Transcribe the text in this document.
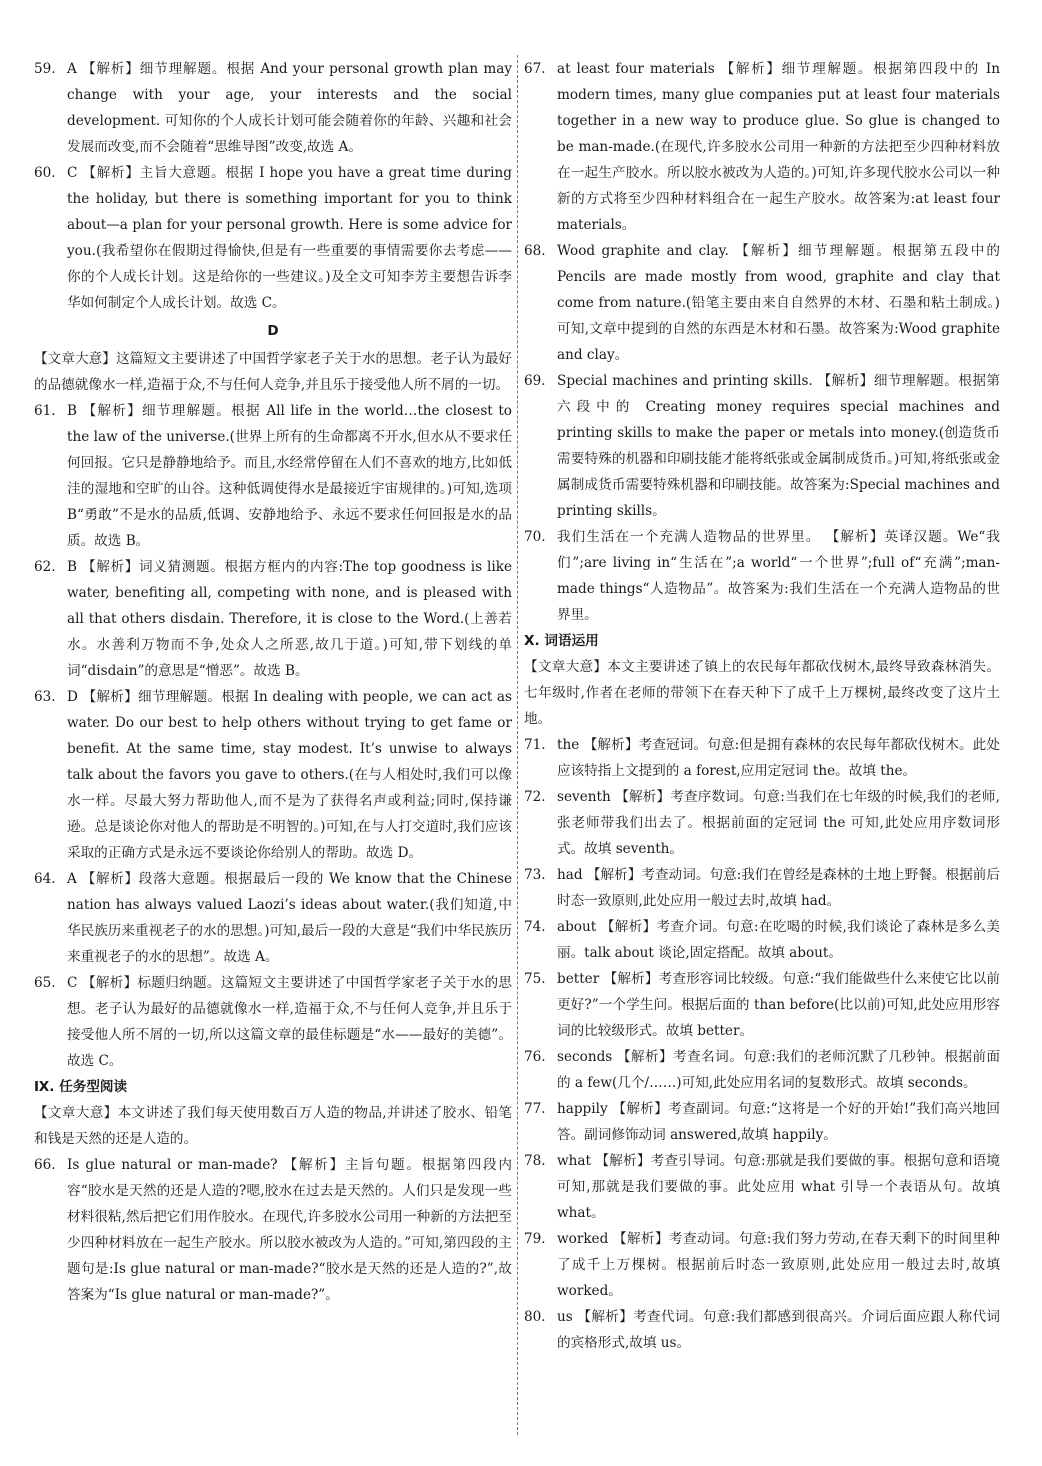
59. A 【解析】细节理解题。根据 And your personal growth plan may change with your age, your interests and the social development. 可知你的个人成长计划可能会随着你的年龄、兴趣和社会发展而改变,而不会随着“思维导图”改变,故选 A。
60. C 【解析】主旨大意题。根据 I hope you have a great time during the holiday, but there is something important for you to think about—a plan for your personal growth. Here is some advice for you.(我希望你在假期过得愉快,但是有一些重要的事情需要你去考虑——你的个人成长计划。这是给你的一些建议。)及全文可知李芳主要想告诉李华如何制定个人成长计划。故选 C。
D

【文章大意】这篇短文主要讲述了中国哲学家老子关于水的思想。老子认为最好的品德就像水一样,造福于众,不与任何人竞争,并且乐于接受他人所不屑的一切。

61. B 【解析】细节理解题。根据 All life in the world…the closest to the law of the universe.(世界上所有的生命都离不开水,但水从不要求任何回报。它只是静静地给予。而且,水经常停留在人们不喜欢的地方,比如低洼的湿地和空旷的山谷。这种低调使得水是最接近宇宙规律的。)可知,选项 B“勇敢”不是水的品质,低调、安静地给予、永远不要求任何回报是水的品质。故选 B。
62. B 【解析】词义猜测题。根据方框内的内容:The top goodness is like water, benefiting all, competing with none, and is pleased with all that others disdain. Therefore, it is close to the Word.(上善若水。水善利万物而不争,处众人之所恶,故几于道。)可知,带下划线的单词“disdain”的意思是“憎恶”。故选 B。
63. D 【解析】细节理解题。根据 In dealing with people, we can act as water. Do our best to help others without trying to get fame or benefit. At the same time, stay modest. It’s unwise to always talk about the favors you gave to others.(在与人相处时,我们可以像水一样。尽最大努力帮助他人,而不是为了获得名声或利益;同时,保持谦逊。总是谈论你对他人的帮助是不明智的。)可知,在与人打交道时,我们应该采取的正确方式是永远不要谈论你给别人的帮助。故选 D。
64. A 【解析】段落大意题。根据最后一段的 We know that the Chinese nation has always valued Laozi’s ideas about water.(我们知道,中华民族历来重视老子的水的思想。)可知,最后一段的大意是“我们中华民族历来重视老子的水的思想”。故选 A。
65. C 【解析】标题归纳题。这篇短文主要讲述了中国哲学家老子关于水的思想。老子认为最好的品德就像水一样,造福于众,不与任何人竞争,并且乐于接受他人所不屑的一切,所以这篇文章的最佳标题是“水——最好的美德”。故选 C。
Ⅸ. 任务型阅读

【文章大意】本文讲述了我们每天使用数百万人造的物品,并讲述了胶水、铅笔和钱是天然的还是人造的。

66. Is glue natural or man-made? 【解析】主旨句题。根据第四段内容“胶水是天然的还是人造的?嗯,胶水在过去是天然的。人们只是发现一些材料很粘,然后把它们用作胶水。在现代,许多胶水公司用一种新的方法把至少四种材料放在一起生产胶水。所以胶水被改为人造的。”可知,第四段的主题句是:Is glue natural or man-made?“胶水是天然的还是人造的?”,故答案为“Is glue natural or man-made?”。
67. at least four materials 【解析】细节理解题。根据第四段中的 In modern times, many glue companies put at least four materials together in a new way to produce glue. So glue is changed to be man-made.(在现代,许多胶水公司用一种新的方法把至少四种材料放在一起生产胶水。所以胶水被改为人造的。)可知,许多现代胶水公司以一种新的方式将至少四种材料组合在一起生产胶水。故答案为:at least four materials。
68. Wood graphite and clay. 【解析】细节理解题。根据第五段中的 Pencils are made mostly from wood, graphite and clay that come from nature.(铅笔主要由来自自然界的木材、石墨和粘土制成。)可知,文章中提到的自然的东西是木材和石墨。故答案为:Wood graphite and clay。
69. Special machines and printing skills. 【解析】细节理解题。根据第六段中的 Creating money requires special machines and printing skills to make the paper or metals into money.(创造货币需要特殊的机器和印刷技能才能将纸张或金属制成货币。)可知,将纸张或金属制成货币需要特殊机器和印刷技能。故答案为:Special machines and printing skills。
70. 我们生活在一个充满人造物品的世界里。 【解析】英译汉题。We“我们”;are living in“生活在”;a world“一个世界”;full of“充满”;man-made things“人造物品”。故答案为:我们生活在一个充满人造物品的世界里。
Ⅹ. 词语运用

【文章大意】本文主要讲述了镇上的农民每年都砍伐树木,最终导致森林消失。七年级时,作者在老师的带领下在春天种下了成千上万棵树,最终改变了这片土地。

71. the 【解析】考查冠词。句意:但是拥有森林的农民每年都砍伐树木。此处应该特指上文提到的 a forest,应用定冠词 the。故填 the。
72. seventh 【解析】考查序数词。句意:当我们在七年级的时候,我们的老师,张老师带我们出去了。根据前面的定冠词 the 可知,此处应用序数词形式。故填 seventh。
73. had 【解析】考查动词。句意:我们在曾经是森林的土地上野餐。根据前后时态一致原则,此处应用一般过去时,故填 had。
74. about 【解析】考查介词。句意:在吃喝的时候,我们谈论了森林是多么美丽。talk about 谈论,固定搭配。故填 about。
75. better 【解析】考查形容词比较级。句意:“我们能做些什么来使它比以前更好?”一个学生问。根据后面的 than before(比以前)可知,此处应用形容词的比较级形式。故填 better。
76. seconds 【解析】考查名词。句意:我们的老师沉默了几秒钟。根据前面的 a few(几个/……)可知,此处应用名词的复数形式。故填 seconds。
77. happily 【解析】考查副词。句意:“这将是一个好的开始!”我们高兴地回答。副词修饰动词 answered,故填 happily。
78. what 【解析】考查引导词。句意:那就是我们要做的事。根据句意和语境可知,那就是我们要做的事。此处应用 what 引导一个表语从句。故填 what。
79. worked 【解析】考查动词。句意:我们努力劳动,在春天剩下的时间里种了成千上万棵树。根据前后时态一致原则,此处应用一般过去时,故填 worked。
80. us 【解析】考查代词。句意:我们都感到很高兴。介词后面应跟人称代词的宾格形式,故填 us。
